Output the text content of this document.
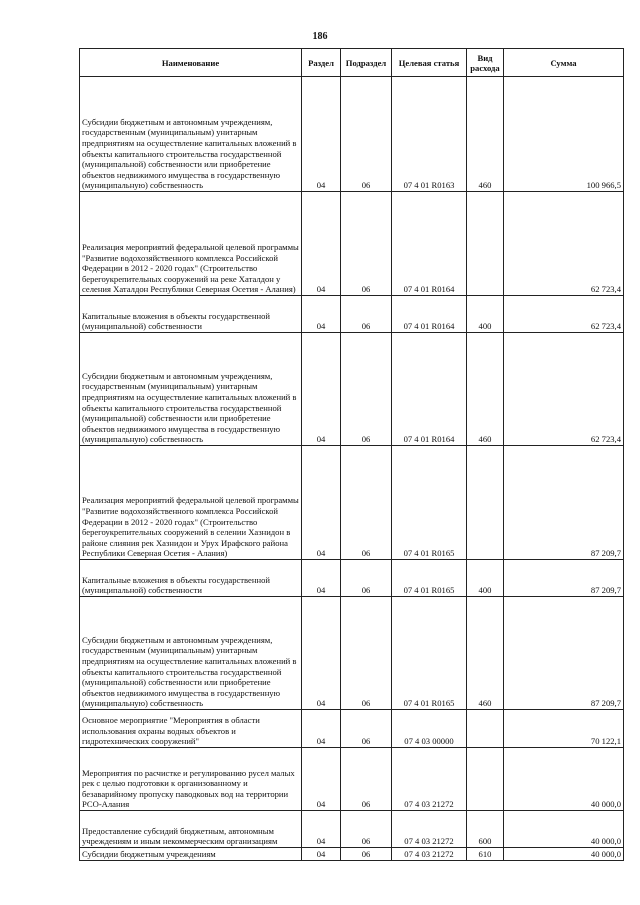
186
Наименование	Раздел	Подраздел	Целевая статья	Вид расхода	Сумма
Субсидии бюджетным и автономным учреждениям, государственным (муниципальным) унитарным предприятиям на осуществление капитальных вложений в объекты капитального строительства государственной (муниципальной) собственности или приобретение объектов недвижимого имущества в государственную (муниципальную) собственность	04	06	07 4 01 R0163	460	100 966,5
Реализация мероприятий федеральной целевой программы "Развитие водохозяйственного комплекса Российской Федерации в 2012 - 2020 годах" (Строительство берегоукрепительных сооружений на реке Хаталдон у селения Хаталдон Республики Северная Осетия - Алания)	04	06	07 4 01 R0164		62 723,4
Капитальные вложения в объекты государственной (муниципальной) собственности	04	06	07 4 01 R0164	400	62 723,4
Субсидии бюджетным и автономным учреждениям, государственным (муниципальным) унитарным предприятиям на осуществление капитальных вложений в объекты капитального строительства государственной (муниципальной) собственности или приобретение объектов недвижимого имущества в государственную (муниципальную) собственность	04	06	07 4 01 R0164	460	62 723,4
Реализация мероприятий федеральной целевой программы "Развитие водохозяйственного комплекса Российской Федерации в 2012 - 2020 годах" (Строительство берегоукрепительных сооружений в селении Хазнидон в районе слияния рек Хазнидон и Урух Ирафского района Республики Северная Осетия - Алания)	04	06	07 4 01 R0165		87 209,7
Капитальные вложения в объекты государственной (муниципальной) собственности	04	06	07 4 01 R0165	400	87 209,7
Субсидии бюджетным и автономным учреждениям, государственным (муниципальным) унитарным предприятиям на осуществление капитальных вложений в объекты капитального строительства государственной (муниципальной) собственности или приобретение объектов недвижимого имущества в государственную (муниципальную) собственность	04	06	07 4 01 R0165	460	87 209,7
Основное мероприятие "Мероприятия в области использования охраны водных объектов и гидротехнических сооружений"	04	06	07 4 03 00000		70 122,1
Мероприятия по расчистке и регулированию русел малых рек с целью подготовки к организованному и безаварийному пропуску паводковых вод на территории РСО-Алания	04	06	07 4 03 21272		40 000,0
Предоставление субсидий бюджетным, автономным учреждениям и иным некоммерческим организациям	04	06	07 4 03 21272	600	40 000,0
Субсидии бюджетным учреждениям	04	06	07 4 03 21272	610	40 000,0
